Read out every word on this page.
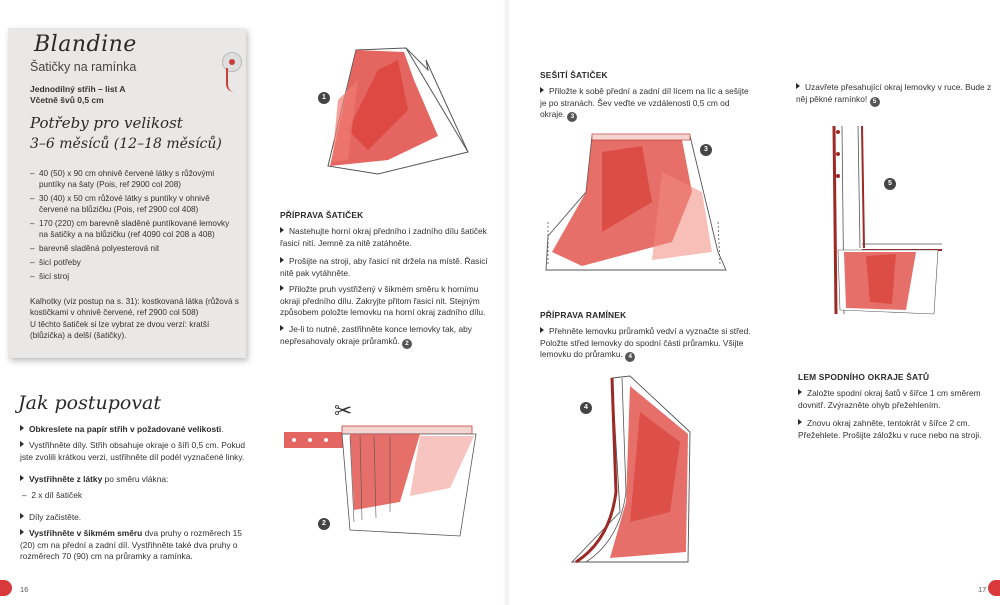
Blandine
Šatičky na ramínka
Jednodílný střih – list A
Včetně švů 0,5 cm
Potřeby pro velikost
3–6 měsíců (12–18 měsíců)
– 40 (50) x 90 cm ohnivě červené látky s růžovými puntíky na šaty (Pois, ref 2900 col 208)
– 30 (40) x 50 cm růžové látky s puntíky v ohnivě červené na blůzičku (Pois, ref 2900 col 408)
– 170 (220) cm barevně sladěné puntíkované lemovky na šatičky a na blůzičku (ref 4090 col 208 a 408)
– barevně sladěná polyesterová nit
– šicí potřeby
– šicí stroj

Kalhotky (viz postup na s. 31): kostkovaná látka (růžová s kostičkami v ohnivě červené, ref 2900 col 508)

U těchto šatiček si lze vybrat ze dvou verzí: kratší (blůzička) a delší (šatičky).

Jak postupovat
Obkreslete na papír střih v požadované velikosti.
Vystřihněte díly. Střih obsahuje okraje o šíři 0,5 cm. Pokud jste zvolili krátkou verzi, ustřihněte díl podél vyznačené linky.
Vystřihněte z látky po směru vlákna:
–  2 x díl šatiček
Díly začistěte.
Vystřihněte v šikmém směru dva pruhy o rozměrech 15 (20) cm na přední a zadní díl. Vystřihněte také dva pruhy o rozměrech 70 (90) cm na průramky a ramínka.
16
1
✂
2
PŘÍPRAVA ŠATIČEK
Nastehujte horní okraj předního i zadního dílu šatiček řasicí nití. Jemně za nitě zatáhněte.
Prošijte na stroji, aby řasicí nit držela na místě. Řasicí nitě pak vytáhněte.
Přiložte pruh vystřižený v šikmém směru k hornímu okraji předního dílu. Zakryjte přitom řasicí nit. Stejným způsobem položte lemovku na horní okraj zadního dílu.
Je-li to nutné, zastřihněte konce lemovky tak, aby nepřesahovaly okraje průramků. 2
SEŠITÍ ŠATIČEK
Přiložte k sobě přední a zadní díl lícem na líc a sešijte je po stranách. Šev veďte ve vzdálenosti 0,5 cm od okraje. 3
3
PŘÍPRAVA RAMÍNEK
Přehněte lemovku průramků vedví a vyznačte si střed. Položte střed lemovky do spodní části průramku. Všijte lemovku do průramku. 4
4
Uzavřete přesahující okraj lemovky v ruce. Bude z něj pěkné ramínko! 5
5
LEM SPODNÍHO OKRAJE ŠATŮ
Založte spodní okraj šatů v šířce 1 cm směrem dovnitř. Zvýrazněte ohyb přežehlením.
Znovu okraj zahněte, tentokrát v šířce 2 cm. Přežehlete. Prošijte záložku v ruce nebo na stroji.
17
